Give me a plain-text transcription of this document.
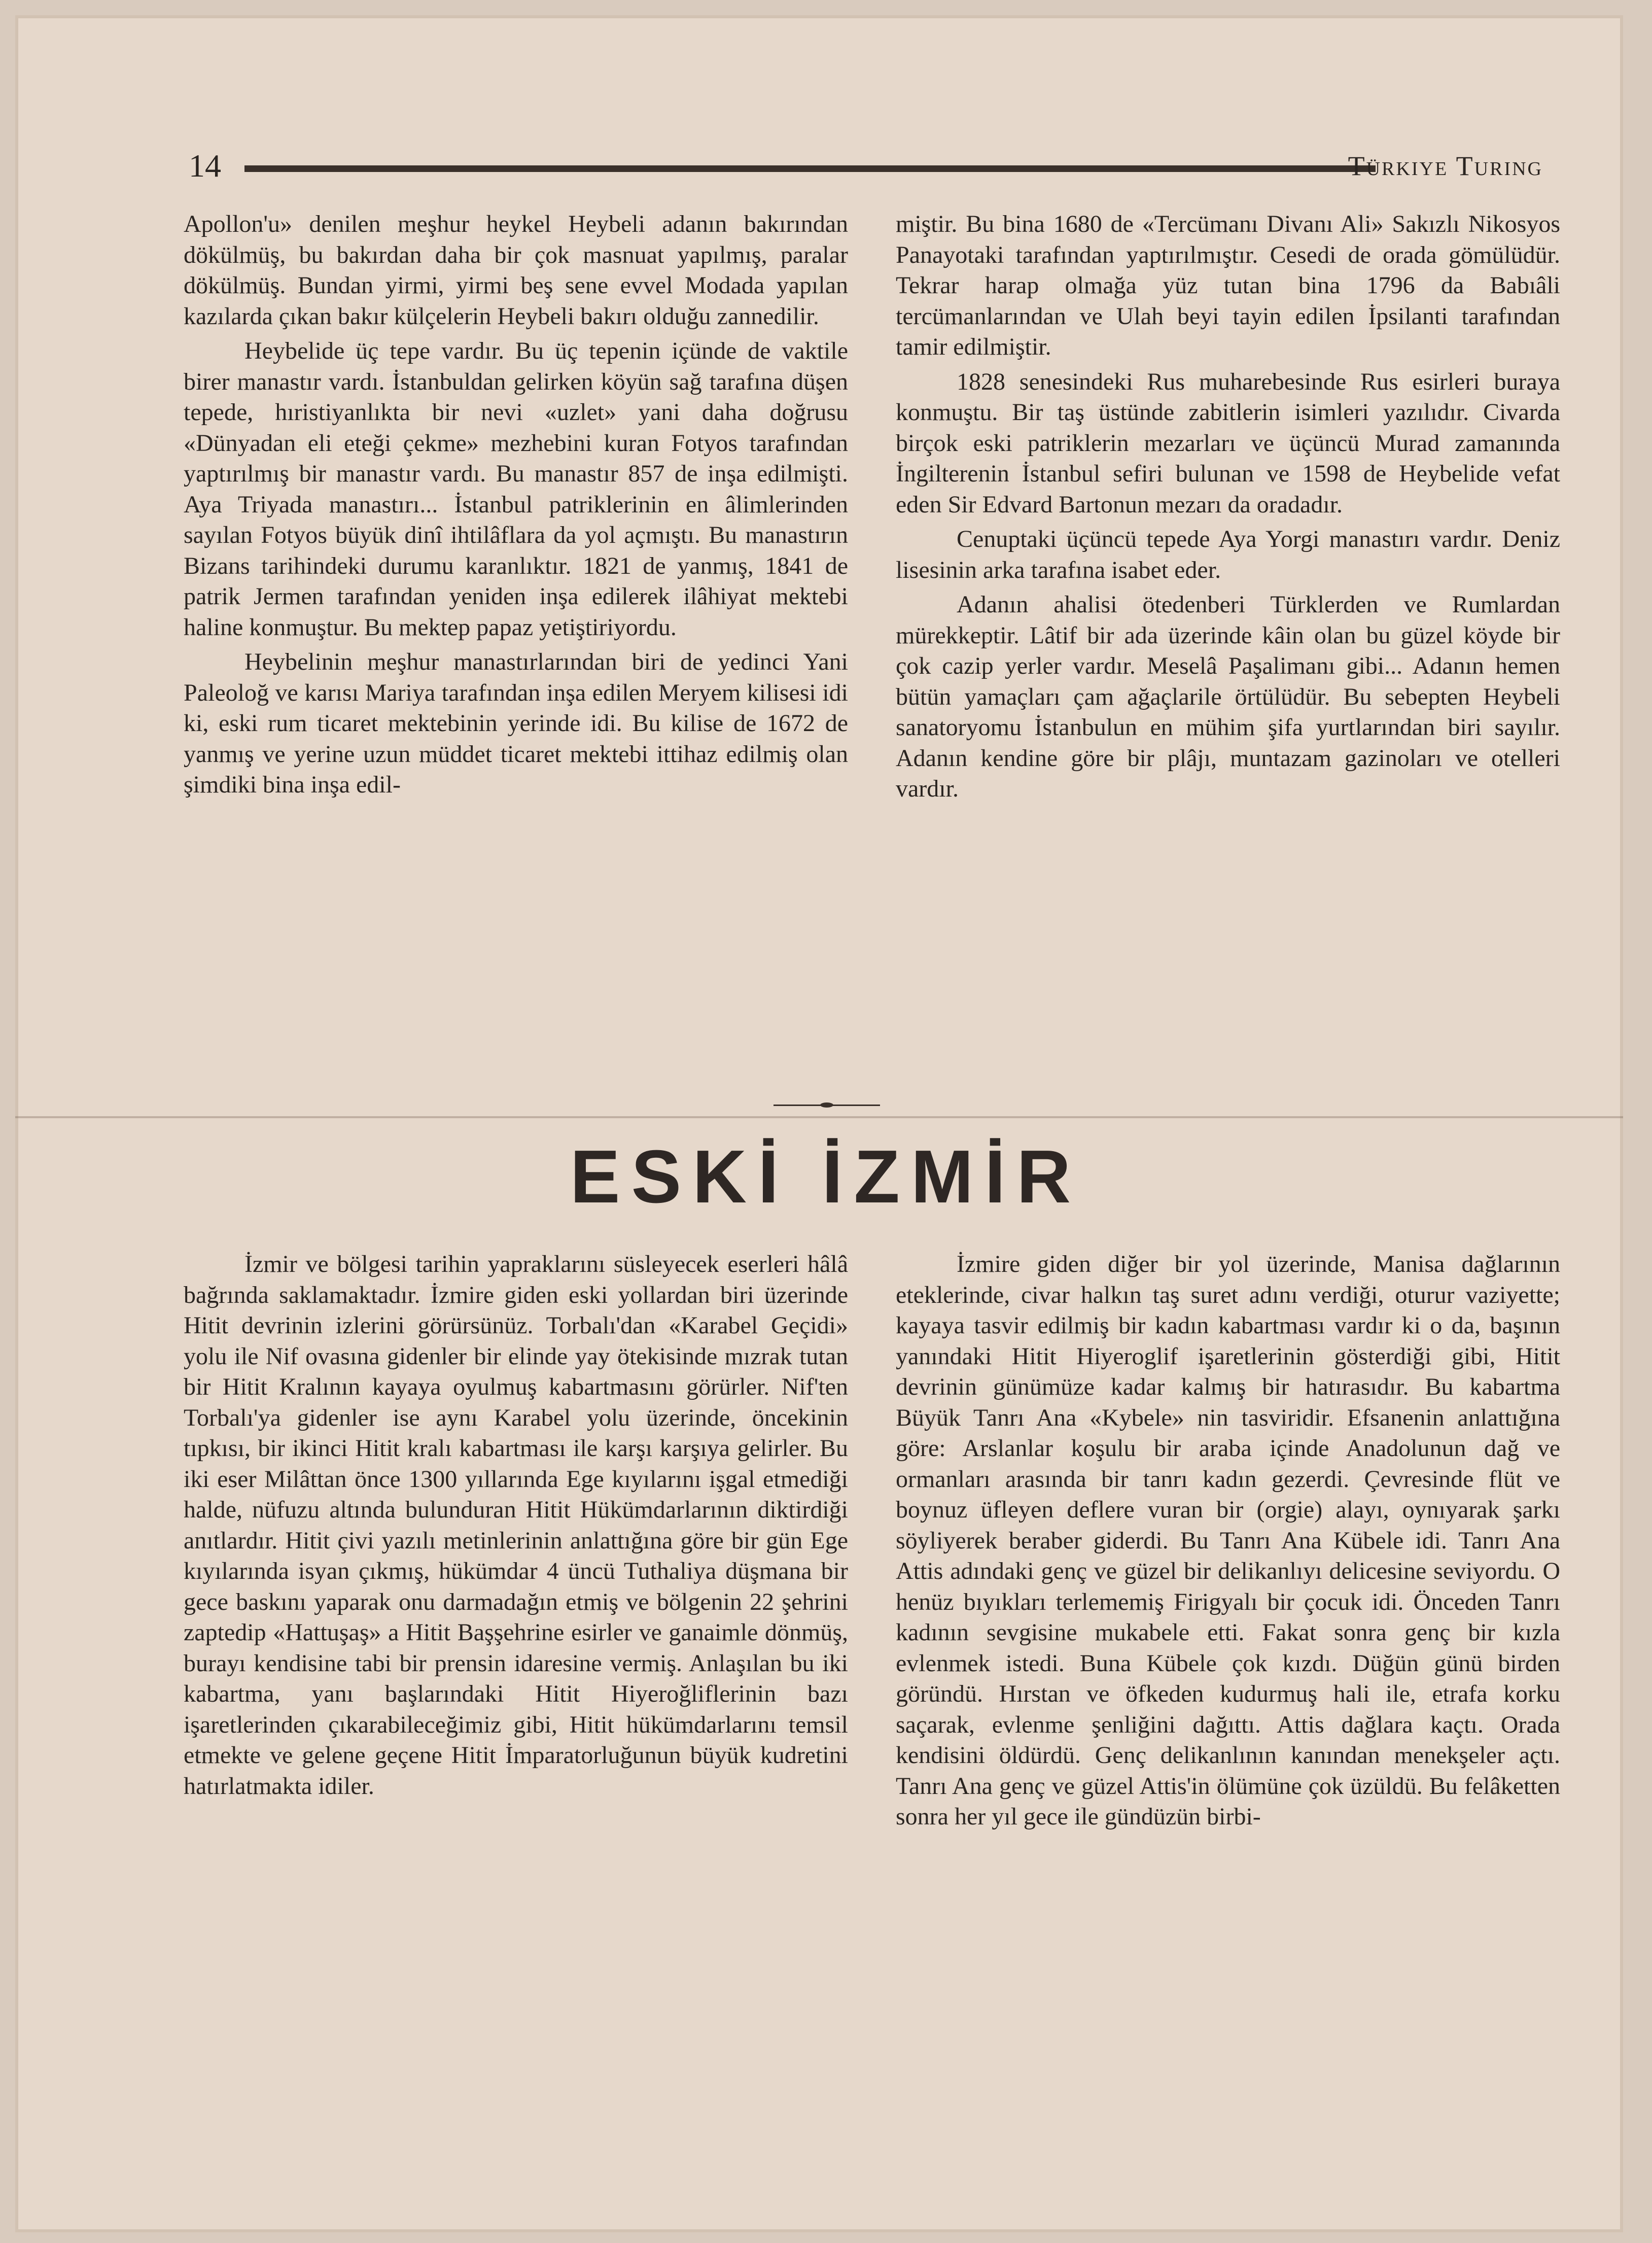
14	Türkiye Turing

Apollon'u» denilen meşhur heykel Heybeli adanın bakırından dökülmüş, bu bakırdan daha bir çok masnuat yapılmış, paralar dökülmüş. Bundan yirmi, yirmi beş sene evvel Modada yapılan kazılarda çıkan bakır külçelerin Heybeli bakırı olduğu zannedilir.

Heybelide üç tepe vardır. Bu üç tepenin içünde de vaktile birer manastır vardı. İstanbuldan gelirken köyün sağ tarafına düşen tepede, hıristiyanlıkta bir nevi «uzlet» yani daha doğrusu «Dünyadan eli eteği çekme» mezhebini kuran Fotyos tarafından yaptırılmış bir manastır vardı. Bu manastır 857 de inşa edilmişti. Aya Triyada manastırı... İstanbul patriklerinin en âlimlerinden sayılan Fotyos büyük dinî ihtilâflara da yol açmıştı. Bu manastırın Bizans tarihindeki durumu karanlıktır. 1821 de yanmış, 1841 de patrik Jermen tarafından yeniden inşa edilerek ilâhiyat mektebi haline konmuştur. Bu mektep papaz yetiştiriyordu.

Heybelinin meşhur manastırlarından biri de yedinci Yani Paleoloğ ve karısı Mariya tarafından inşa edilen Meryem kilisesi idi ki, eski rum ticaret mektebinin yerinde idi. Bu kilise de 1672 de yanmış ve yerine uzun müddet ticaret mektebi ittihaz edilmiş olan şimdiki bina inşa edil-

miştir. Bu bina 1680 de «Tercümanı Divanı Ali» Sakızlı Nikosyos Panayotaki tarafından yaptırılmıştır. Cesedi de orada gömülüdür. Tekrar harap olmağa yüz tutan bina 1796 da Babıâli tercümanlarından ve Ulah beyi tayin edilen İpsilanti tarafından tamir edilmiştir.

1828 senesindeki Rus muharebesinde Rus esirleri buraya konmuştu. Bir taş üstünde zabitlerin isimleri yazılıdır. Civarda birçok eski patriklerin mezarları ve üçüncü Murad zamanında İngilterenin İstanbul sefiri bulunan ve 1598 de Heybelide vefat eden Sir Edvard Bartonun mezarı da oradadır.

Cenuptaki üçüncü tepede Aya Yorgi manastırı vardır. Deniz lisesinin arka tarafına isabet eder.

Adanın ahalisi ötedenberi Türklerden ve Rumlardan mürekkeptir. Lâtif bir ada üzerinde kâin olan bu güzel köyde bir çok cazip yerler vardır. Meselâ Paşalimanı gibi... Adanın hemen bütün yamaçları çam ağaçlarile örtülüdür. Bu sebepten Heybeli sanatoryomu İstanbulun en mühim şifa yurtlarından biri sayılır. Adanın kendine göre bir plâjı, muntazam gazinoları ve otelleri vardır.

ESKİ İZMİR

İzmir ve bölgesi tarihin yapraklarını süsleyecek eserleri hâlâ bağrında saklamaktadır. İzmire giden eski yollardan biri üzerinde Hitit devrinin izlerini görürsünüz. Torbalı'dan «Karabel Geçidi» yolu ile Nif ovasına gidenler bir elinde yay ötekisinde mızrak tutan bir Hitit Kralının kayaya oyulmuş kabartmasını görürler. Nif'ten Torbalı'ya gidenler ise aynı Karabel yolu üzerinde, öncekinin tıpkısı, bir ikinci Hitit kralı kabartması ile karşı karşıya gelirler. Bu iki eser Milâttan önce 1300 yıllarında Ege kıyılarını işgal etmediği halde, nüfuzu altında bulunduran Hitit Hükümdarlarının diktirdiği anıtlardır. Hitit çivi yazılı metinlerinin anlattığına göre bir gün Ege kıyılarında isyan çıkmış, hükümdar 4 üncü Tuthaliya düşmana bir gece baskını yaparak onu darmadağın etmiş ve bölgenin 22 şehrini zaptedip «Hattuşaş» a Hitit Başşehrine esirler ve ganaimle dönmüş, burayı kendisine tabi bir prensin idaresine vermiş. Anlaşılan bu iki kabartma, yanı başlarındaki Hitit Hiyeroğliflerinin bazı işaretlerinden çıkarabileceğimiz gibi, Hitit hükümdarlarını temsil etmekte ve gelene geçene Hitit İmparatorluğunun büyük kudretini hatırlatmakta idiler.

İzmire giden diğer bir yol üzerinde, Manisa dağlarının eteklerinde, civar halkın taş suret adını verdiği, oturur vaziyette; kayaya tasvir edilmiş bir kadın kabartması vardır ki o da, başının yanındaki Hitit Hiyeroglif işaretlerinin gösterdiği gibi, Hitit devrinin günümüze kadar kalmış bir hatırasıdır. Bu kabartma Büyük Tanrı Ana «Kybele» nin tasviridir. Efsanenin anlattığına göre: Arslanlar koşulu bir araba içinde Anadolunun dağ ve ormanları arasında bir tanrı kadın gezerdi. Çevresinde flüt ve boynuz üfleyen deflere vuran bir (orgie) alayı, oynıyarak şarkı söyliyerek beraber giderdi. Bu Tanrı Ana Kübele idi. Tanrı Ana Attis adındaki genç ve güzel bir delikanlıyı delicesine seviyordu. O henüz bıyıkları terlememiş Firigyalı bir çocuk idi. Önceden Tanrı kadının sevgisine mukabele etti. Fakat sonra genç bir kızla evlenmek istedi. Buna Kübele çok kızdı. Düğün günü birden göründü. Hırstan ve öfkeden kudurmuş hali ile, etrafa korku saçarak, evlenme şenliğini dağıttı. Attis dağlara kaçtı. Orada kendisini öldürdü. Genç delikanlının kanından menekşeler açtı. Tanrı Ana genç ve güzel Attis'in ölümüne çok üzüldü. Bu felâketten sonra her yıl gece ile gündüzün birbi-
